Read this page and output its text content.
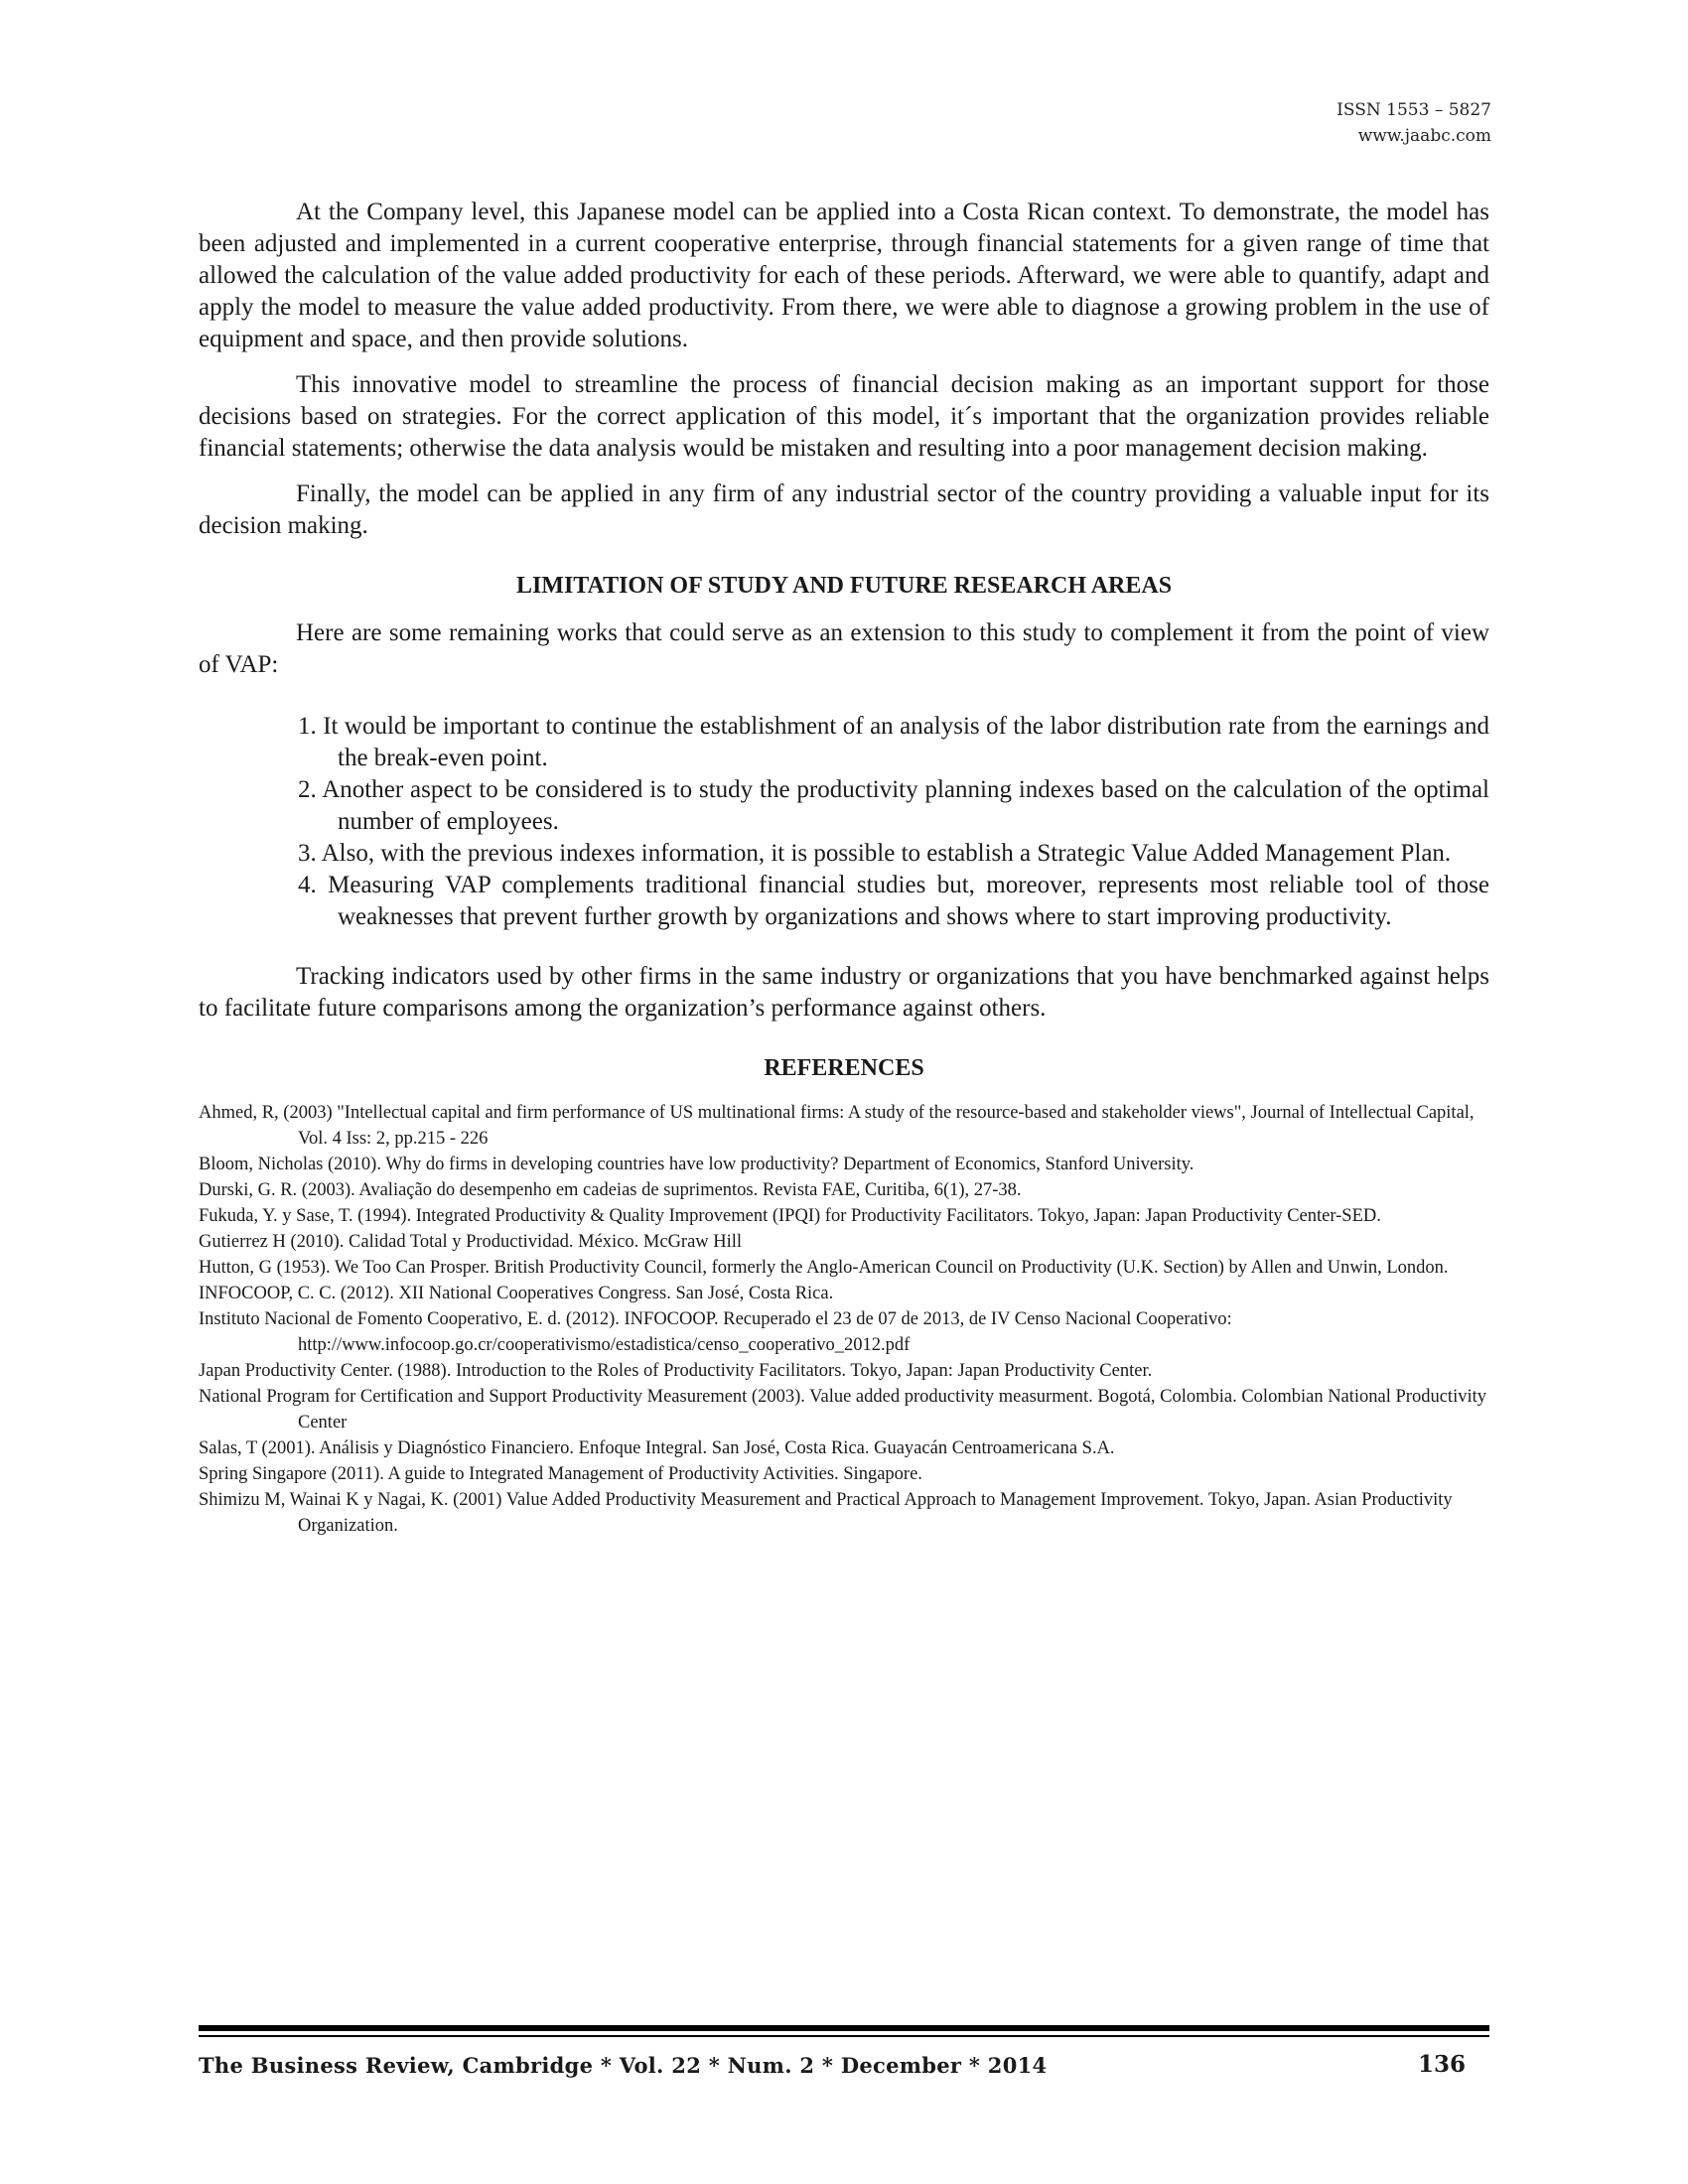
ISSN 1553 – 5827
www.jaabc.com

At the Company level, this Japanese model can be applied into a Costa Rican context. To demonstrate, the model has been adjusted and implemented in a current cooperative enterprise, through financial statements for a given range of time that allowed the calculation of the value added productivity for each of these periods. Afterward, we were able to quantify, adapt and apply the model to measure the value added productivity. From there, we were able to diagnose a growing problem in the use of equipment and space, and then provide solutions.

This innovative model to streamline the process of financial decision making as an important support for those decisions based on strategies. For the correct application of this model, it´s important that the organization provides reliable financial statements; otherwise the data analysis would be mistaken and resulting into a poor management decision making.

Finally, the model can be applied in any firm of any industrial sector of the country providing a valuable input for its decision making.

LIMITATION OF STUDY AND FUTURE RESEARCH AREAS

Here are some remaining works that could serve as an extension to this study to complement it from the point of view of VAP:

1. It would be important to continue the establishment of an analysis of the labor distribution rate from the earnings and the break-even point.
2. Another aspect to be considered is to study the productivity planning indexes based on the calculation of the optimal number of employees.
3. Also, with the previous indexes information, it is possible to establish a Strategic Value Added Management Plan.
4. Measuring VAP complements traditional financial studies but, moreover, represents most reliable tool of those weaknesses that prevent further growth by organizations and shows where to start improving productivity.

Tracking indicators used by other firms in the same industry or organizations that you have benchmarked against helps to facilitate future comparisons among the organization’s performance against others.

REFERENCES

Ahmed, R, (2003) "Intellectual capital and firm performance of US multinational firms: A study of the resource-based and stakeholder views", Journal of Intellectual Capital, Vol. 4 Iss: 2, pp.215 - 226

Bloom, Nicholas (2010). Why do firms in developing countries have low productivity? Department of Economics, Stanford University.

Durski, G. R. (2003). Avaliação do desempenho em cadeias de suprimentos. Revista FAE, Curitiba, 6(1), 27-38.

Fukuda, Y. y Sase, T. (1994). Integrated Productivity & Quality Improvement (IPQI) for Productivity Facilitators. Tokyo, Japan: Japan Productivity Center-SED.

Gutierrez H (2010). Calidad Total y Productividad. México. McGraw Hill

Hutton, G (1953). We Too Can Prosper. British Productivity Council, formerly the Anglo-American Council on Productivity (U.K. Section) by Allen and Unwin, London.

INFOCOOP, C. C. (2012). XII National Cooperatives Congress. San José, Costa Rica.

Instituto Nacional de Fomento Cooperativo, E. d. (2012). INFOCOOP. Recuperado el 23 de 07 de 2013, de IV Censo Nacional Cooperativo: http://www.infocoop.go.cr/cooperativismo/estadistica/censo_cooperativo_2012.pdf

Japan Productivity Center. (1988). Introduction to the Roles of Productivity Facilitators. Tokyo, Japan: Japan Productivity Center.

National Program for Certification and Support Productivity Measurement (2003). Value added productivity measurment. Bogotá, Colombia. Colombian National Productivity Center

Salas, T (2001). Análisis y Diagnóstico Financiero. Enfoque Integral. San José, Costa Rica. Guayacán Centroamericana S.A.

Spring Singapore (2011). A guide to Integrated Management of Productivity Activities. Singapore.

Shimizu M, Wainai K y Nagai, K. (2001) Value Added Productivity Measurement and Practical Approach to Management Improvement. Tokyo, Japan. Asian Productivity Organization.

The Business Review, Cambridge * Vol. 22 * Num. 2 * December * 2014	136
